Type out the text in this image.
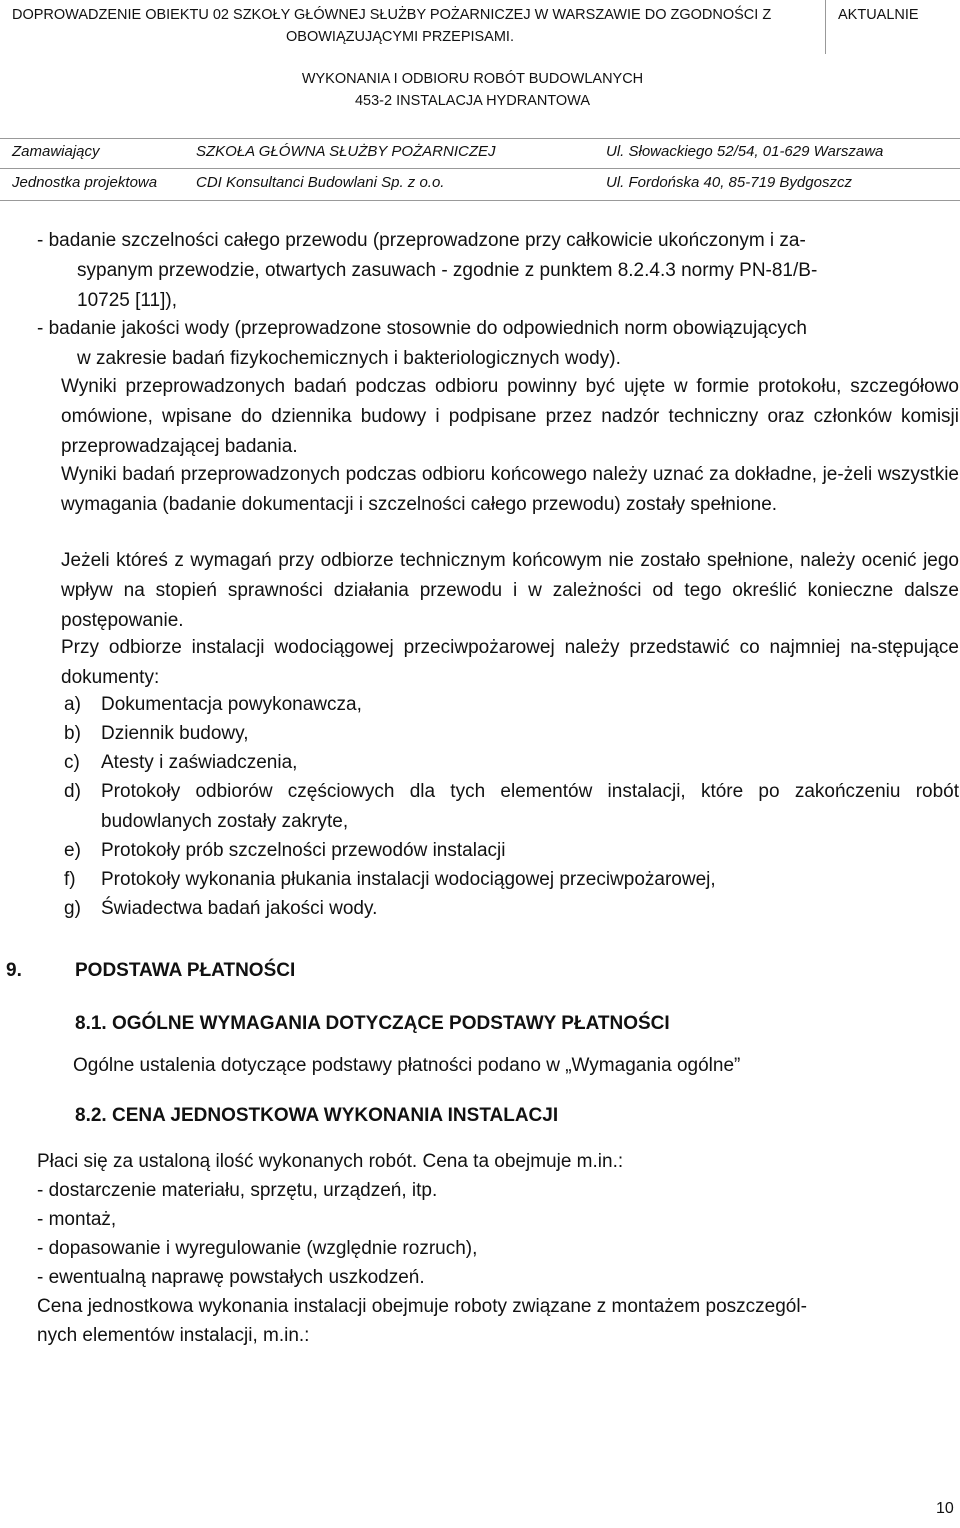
DOPROWADZENIE OBIEKTU 02 SZKOŁY GŁÓWNEJ SŁUŻBY POŻARNICZEJ W WARSZAWIE DO ZGODNOŚCI Z
OBOWIĄZUJĄCYMI PRZEPISAMI.
AKTUALNIE
WYKONANIA I ODBIORU ROBÓT BUDOWLANYCH
453-2 INSTALACJA HYDRANTOWA
Zamawiający	SZKOŁA GŁÓWNA SŁUŻBY POŻARNICZEJ	Ul. Słowackiego 52/54, 01-629 Warszawa
Jednostka projektowa	CDI Konsultanci Budowlani Sp. z o.o.	Ul. Fordońska 40, 85-719 Bydgoszcz
- badanie szczelności całego przewodu (przeprowadzone przy całkowicie ukończonym i za-
sypanym przewodzie, otwartych zasuwach - zgodnie z punktem 8.2.4.3 normy PN-81/B-
10725 [11]),
- badanie jakości wody (przeprowadzone stosownie do odpowiednich norm obowiązujących
w zakresie badań fizykochemicznych i bakteriologicznych wody).
Wyniki przeprowadzonych badań podczas odbioru powinny być ujęte w formie protokołu, szczegółowo omówione, wpisane do dziennika budowy i podpisane przez nadzór techniczny oraz członków komisji przeprowadzającej badania.
Wyniki badań przeprowadzonych podczas odbioru końcowego należy uznać za dokładne, je-żeli wszystkie wymagania (badanie dokumentacji i szczelności całego przewodu) zostały spełnione.
Jeżeli któreś z wymagań przy odbiorze technicznym końcowym nie zostało spełnione, należy ocenić jego wpływ na stopień sprawności działania przewodu i w zależności od tego określić konieczne dalsze postępowanie.
Przy odbiorze instalacji wodociągowej przeciwpożarowej należy przedstawić co najmniej na-stępujące dokumenty:
a) Dokumentacja powykonawcza,
b) Dziennik budowy,
c) Atesty i zaświadczenia,
d) Protokoły odbiorów częściowych dla tych elementów instalacji, które po zakończeniu robót budowlanych zostały zakryte,
e) Protokoły prób szczelności przewodów instalacji
f) Protokoły wykonania płukania instalacji wodociągowej przeciwpożarowej,
g) Świadectwa badań jakości wody.
9.	PODSTAWA PŁATNOŚCI
8.1. OGÓLNE WYMAGANIA DOTYCZĄCE PODSTAWY PŁATNOŚCI
Ogólne ustalenia dotyczące podstawy płatności podano w „Wymagania ogólne”
8.2. CENA JEDNOSTKOWA WYKONANIA INSTALACJI
Płaci się za ustaloną ilość wykonanych robót. Cena ta obejmuje m.in.:
- dostarczenie materiału, sprzętu, urządzeń, itp.
- montaż,
- dopasowanie i wyregulowanie (względnie rozruch),
- ewentualną naprawę powstałych uszkodzeń.
Cena jednostkowa wykonania instalacji obejmuje roboty związane z montażem poszczegól-
nych elementów instalacji, m.in.:
10
